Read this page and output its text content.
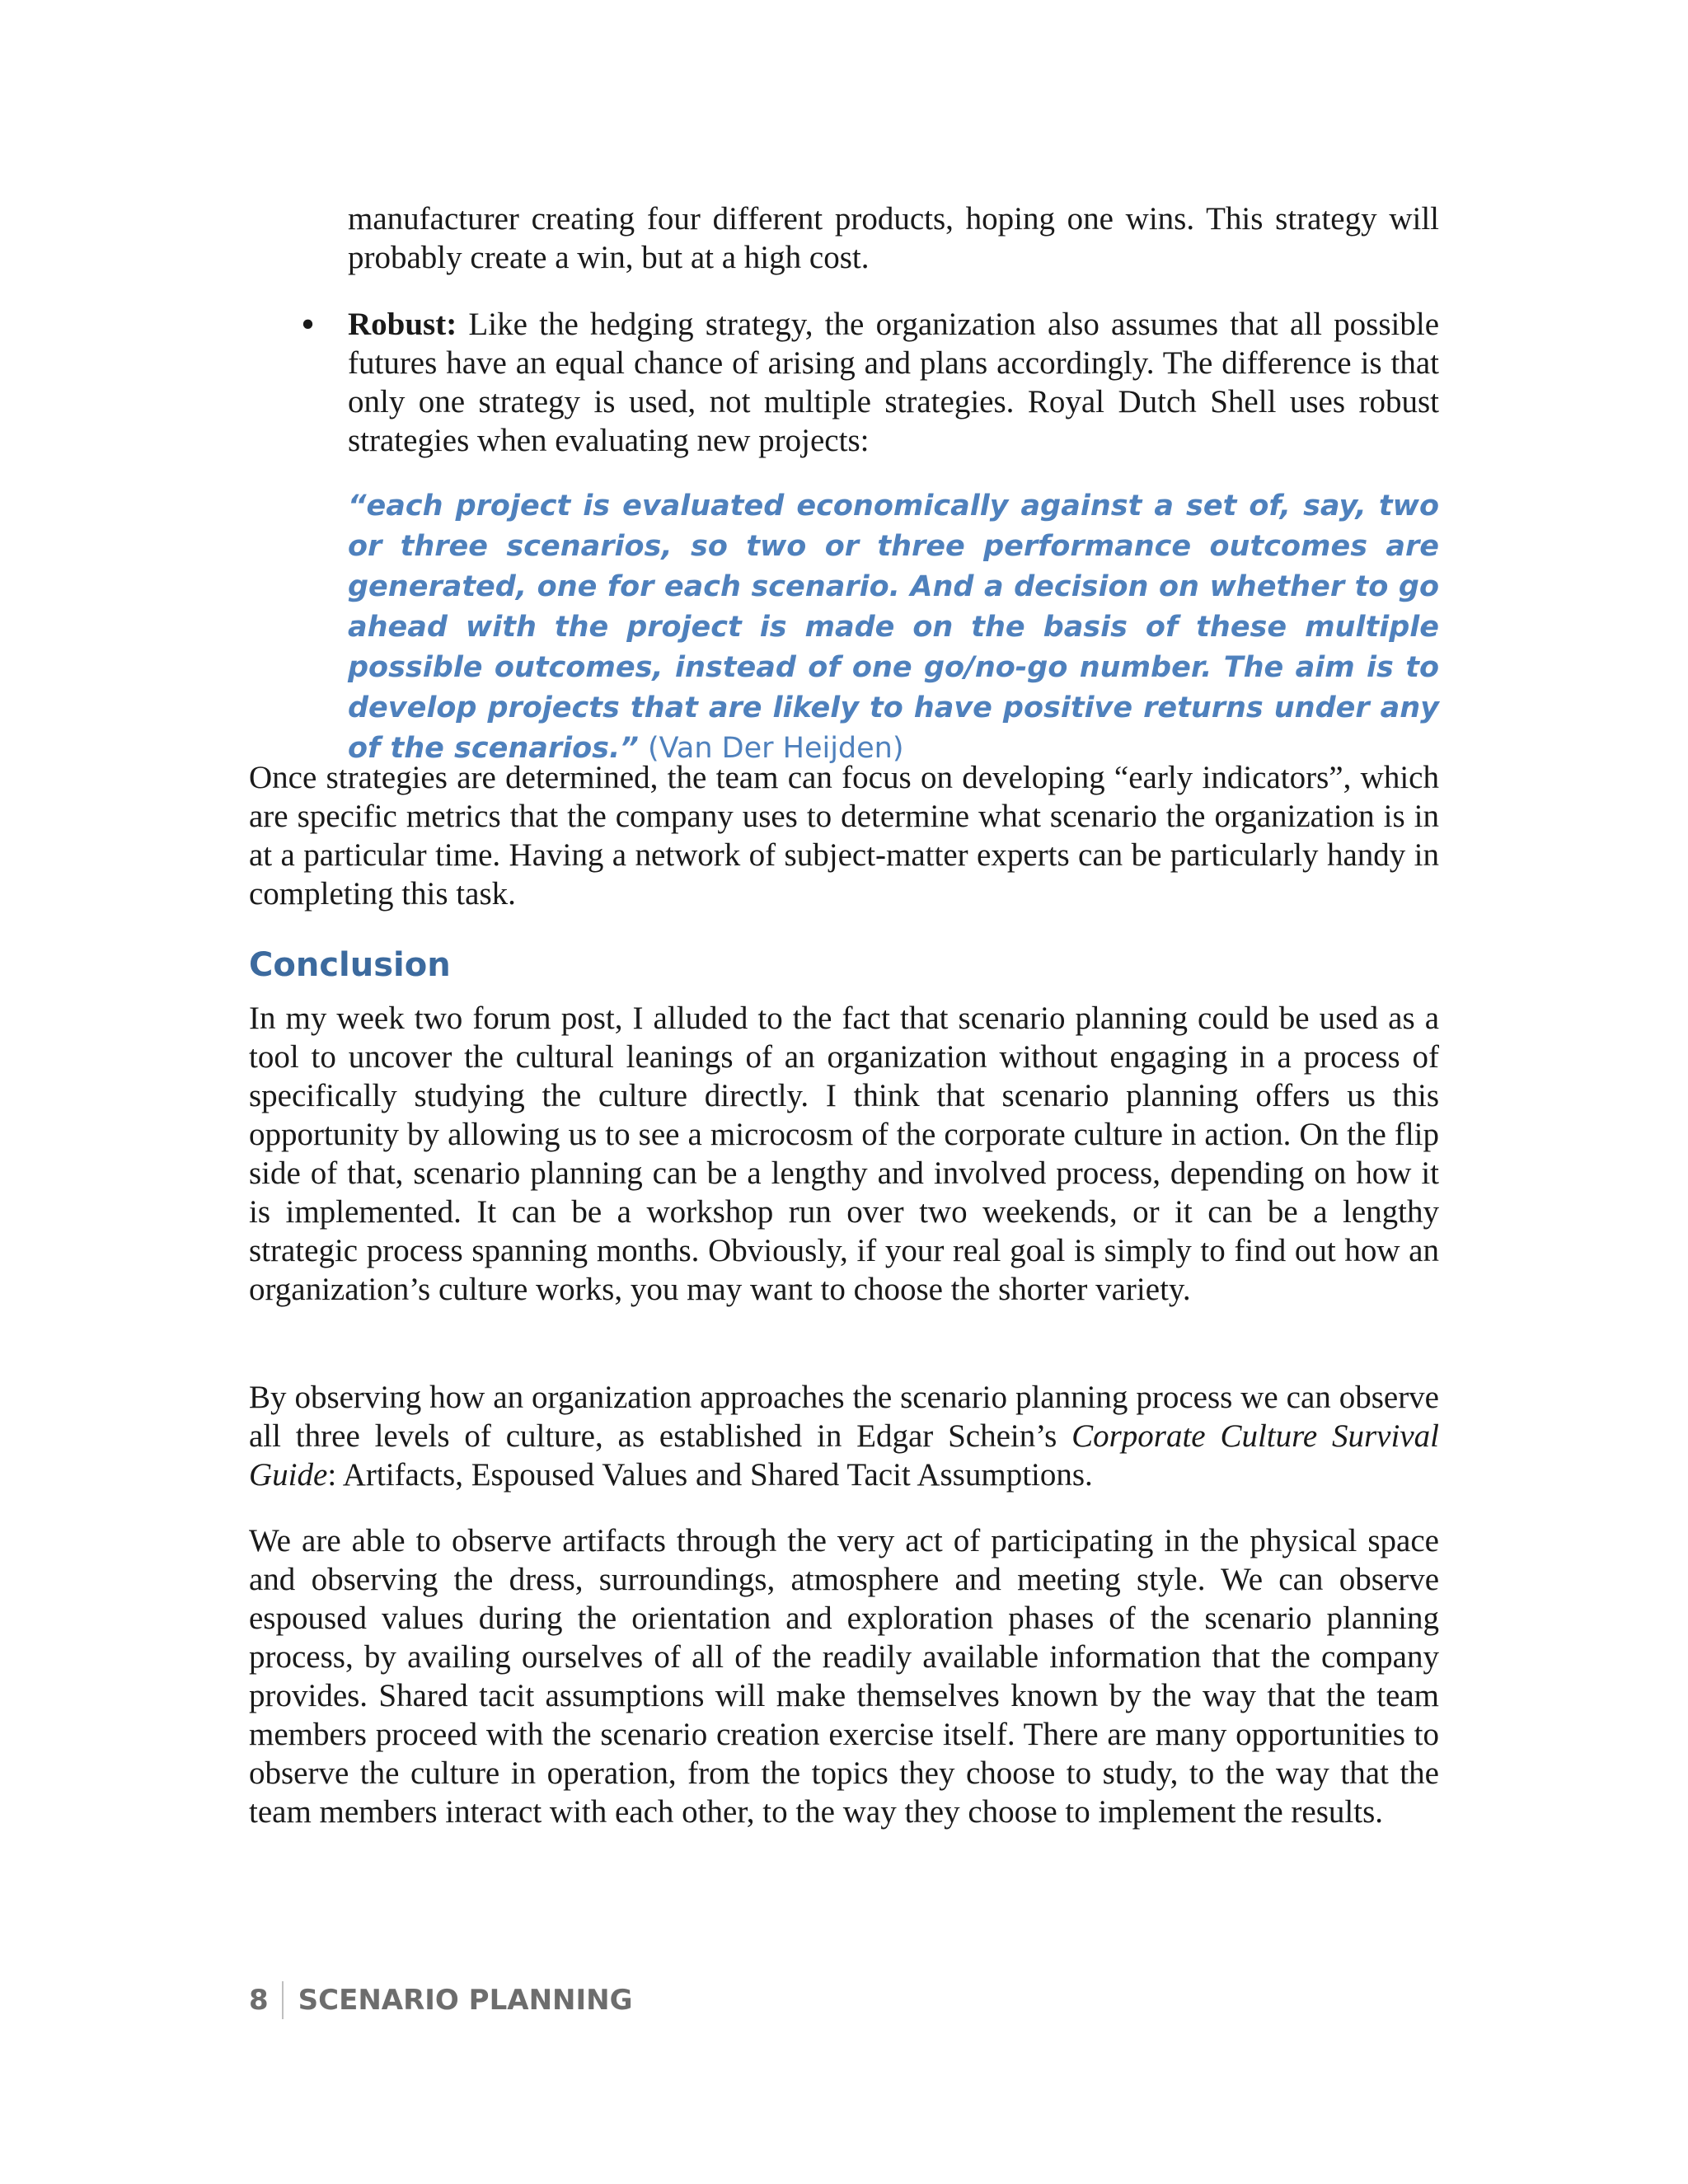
manufacturer creating four different products, hoping one wins. This strategy will probably create a win, but at a high cost.

• Robust: Like the hedging strategy, the organization also assumes that all possible futures have an equal chance of arising and plans accordingly. The difference is that only one strategy is used, not multiple strategies. Royal Dutch Shell uses robust strategies when evaluating new projects:

“each project is evaluated economically against a set of, say, two or three scenarios, so two or three performance outcomes are generated, one for each scenario. And a decision on whether to go ahead with the project is made on the basis of these multiple possible outcomes, instead of one go/no-go number. The aim is to develop projects that are likely to have positive returns under any of the scenarios.” (Van Der Heijden)

Once strategies are determined, the team can focus on developing “early indicators”, which are specific metrics that the company uses to determine what scenario the organization is in at a particular time. Having a network of subject-matter experts can be particularly handy in completing this task.

Conclusion

In my week two forum post, I alluded to the fact that scenario planning could be used as a tool to uncover the cultural leanings of an organization without engaging in a process of specifically studying the culture directly. I think that scenario planning offers us this opportunity by allowing us to see a microcosm of the corporate culture in action. On the flip side of that, scenario planning can be a lengthy and involved process, depending on how it is implemented. It can be a workshop run over two weekends, or it can be a lengthy strategic process spanning months. Obviously, if your real goal is simply to find out how an organization’s culture works, you may want to choose the shorter variety.

By observing how an organization approaches the scenario planning process we can observe all three levels of culture, as established in Edgar Schein’s Corporate Culture Survival Guide: Artifacts, Espoused Values and Shared Tacit Assumptions.

We are able to observe artifacts through the very act of participating in the physical space and observing the dress, surroundings, atmosphere and meeting style. We can observe espoused values during the orientation and exploration phases of the scenario planning process, by availing ourselves of all of the readily available information that the company provides. Shared tacit assumptions will make themselves known by the way that the team members proceed with the scenario creation exercise itself. There are many opportunities to observe the culture in operation, from the topics they choose to study, to the way that the team members interact with each other, to the way they choose to implement the results.

8	SCENARIO PLANNING
